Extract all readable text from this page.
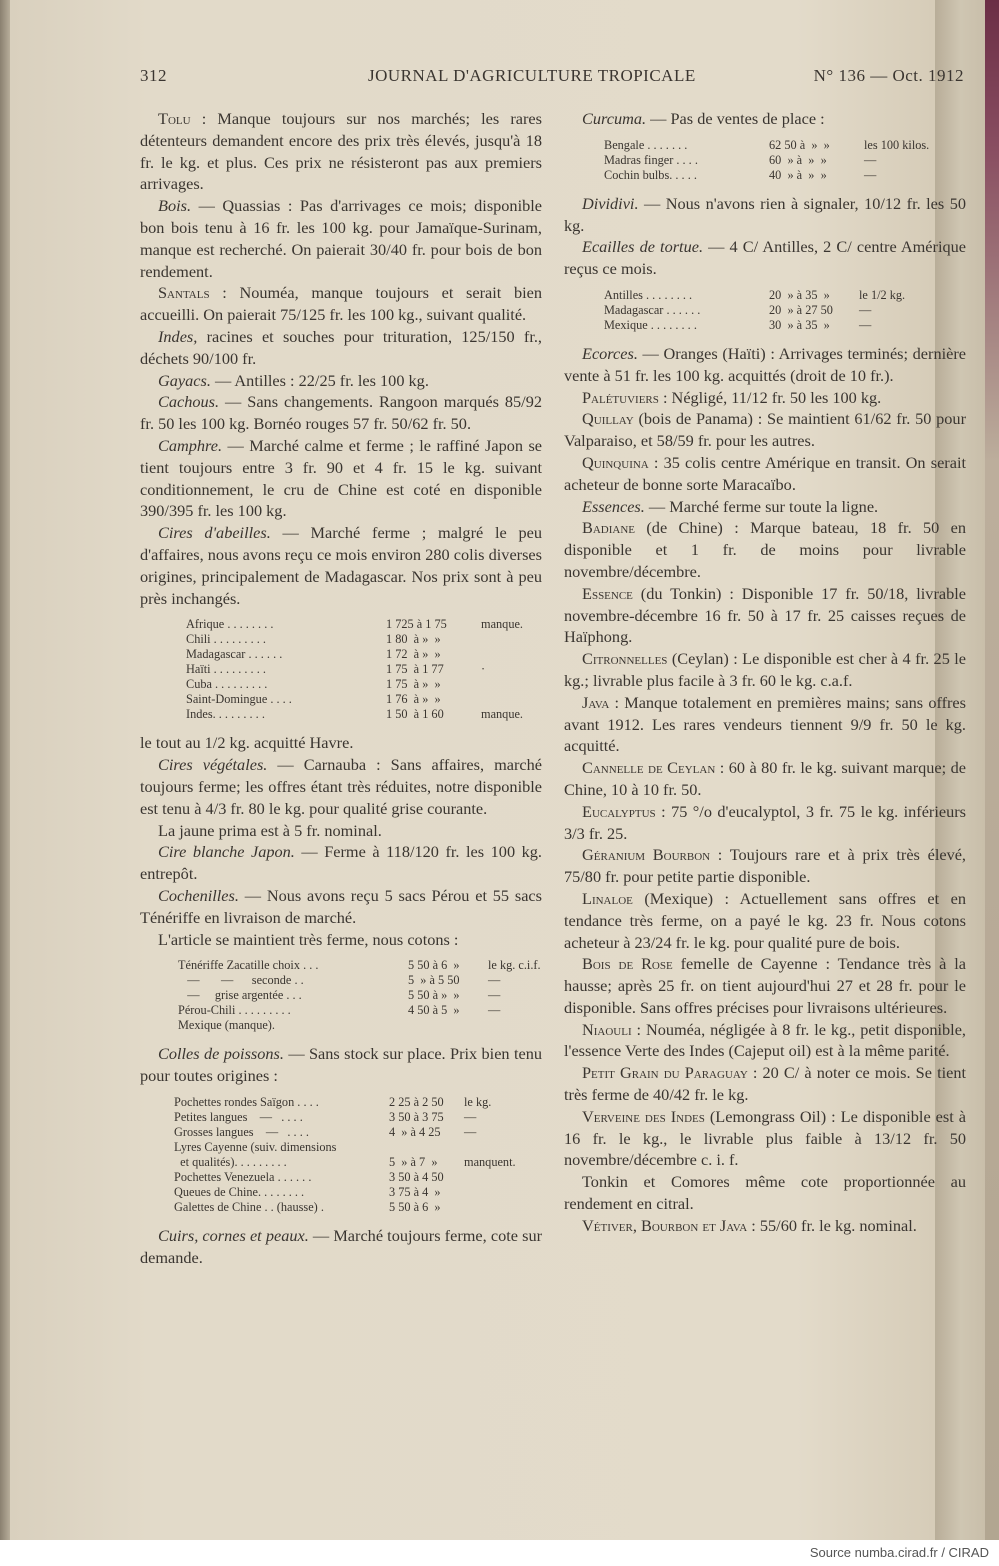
312	JOURNAL D'AGRICULTURE TROPICALE	N° 136 — Oct. 1912

Tolu : Manque toujours sur nos marchés; les rares détenteurs demandent encore des prix très élevés, jusqu'à 18 fr. le kg. et plus. Ces prix ne résisteront pas aux premiers arrivages.

Bois. — Quassias : Pas d'arrivages ce mois; disponible bon bois tenu à 16 fr. les 100 kg. pour Jamaïque-Surinam, manque est recherché. On paierait 30/40 fr. pour bois de bon rendement.

Santals : Nouméa, manque toujours et serait bien accueilli. On paierait 75/125 fr. les 100 kg., suivant qualité.

Indes, racines et souches pour trituration, 125/150 fr., déchets 90/100 fr.

Gayacs. — Antilles : 22/25 fr. les 100 kg.

Cachous. — Sans changements. Rangoon marqués 85/92 fr. 50 les 100 kg. Bornéo rouges 57 fr. 50/62 fr. 50.

Camphre. — Marché calme et ferme ; le raffiné Japon se tient toujours entre 3 fr. 90 et 4 fr. 15 le kg. suivant conditionnement, le cru de Chine est coté en disponible 390/395 fr. les 100 kg.

Cires d'abeilles. — Marché ferme ; malgré le peu d'affaires, nous avons reçu ce mois environ 280 colis diverses origines, principalement de Madagascar. Nos prix sont à peu près inchangés.

Afrique . . . . . . . .	1 725 à 1 75	manque.
Chili . . . . . . . . .	1 80  à »  »
Madagascar . . . . . .	1 72  à »  »
Haïti . . . . . . . . .	1 75  à 1 77	·
Cuba . . . . . . . . .	1 75  à »  »
Saint-Domingue . . . .	1 76  à »  »
Indes. . . . . . . . .	1 50  à 1 60	manque.

le tout au 1/2 kg. acquitté Havre.

Cires végétales. — Carnauba : Sans affaires, marché toujours ferme; les offres étant très réduites, notre disponible est tenu à 4/3 fr. 80 le kg. pour qualité grise courante.

La jaune prima est à 5 fr. nominal.

Cire blanche Japon. — Ferme à 118/120 fr. les 100 kg. entrepôt.

Cochenilles. — Nous avons reçu 5 sacs Pérou et 55 sacs Ténériffe en livraison de marché.

L'article se maintient très ferme, nous cotons :

Ténériffe Zacatille choix . . .	5 50 à 6  »	le kg. c.i.f.
—       —      seconde . .	5  » à 5 50	—
—     grise argentée . . .	5 50 à »  »	—
Pérou-Chili . . . . . . . . .	4 50 à 5  »	—
Mexique (manque).

Colles de poissons. — Sans stock sur place. Prix bien tenu pour toutes origines :

Pochettes rondes Saïgon . . . .	2 25 à 2 50	le kg.
Petites langues    —   . . . .	3 50 à 3 75	—
Grosses langues    —   . . . .	4  » à 4 25	—
Lyres Cayenne (suiv. dimensions
et qualités). . . . . . . . .	5  » à 7  »	manquent.
Pochettes Venezuela . . . . . .	3 50 à 4 50
Queues de Chine. . . . . . . .	3 75 à 4  »
Galettes de Chine . . (hausse) .	5 50 à 6  »

Cuirs, cornes et peaux. — Marché toujours ferme, cote sur demande.

Curcuma. — Pas de ventes de place :

Bengale . . . . . . .	62 50 à  »  »	les 100 kilos.
Madras finger . . . .	60  » à  »  »	—
Cochin bulbs. . . . .	40  » à  »  »	—

Dividivi. — Nous n'avons rien à signaler, 10/12 fr. les 50 kg.

Ecailles de tortue. — 4 C/ Antilles, 2 C/ centre Amérique reçus ce mois.

Antilles . . . . . . . .	20  » à 35  »	le 1/2 kg.
Madagascar . . . . . .	20  » à 27 50	—
Mexique . . . . . . . .	30  » à 35  »	—

Ecorces. — Oranges (Haïti) : Arrivages terminés; dernière vente à 51 fr. les 100 kg. acquittés (droit de 10 fr.).

Palétuviers : Négligé, 11/12 fr. 50 les 100 kg.

Quillay (bois de Panama) : Se maintient 61/62 fr. 50 pour Valparaiso, et 58/59 fr. pour les autres.

Quinquina : 35 colis centre Amérique en transit. On serait acheteur de bonne sorte Maracaïbo.

Essences. — Marché ferme sur toute la ligne.

Badiane (de Chine) : Marque bateau, 18 fr. 50 en disponible et 1 fr. de moins pour livrable novembre/décembre.

Essence (du Tonkin) : Disponible 17 fr. 50/18, livrable novembre-décembre 16 fr. 50 à 17 fr. 25 caisses reçues de Haïphong.

Citronnelles (Ceylan) : Le disponible est cher à 4 fr. 25 le kg.; livrable plus facile à 3 fr. 60 le kg. c.a.f.

Java : Manque totalement en premières mains; sans offres avant 1912. Les rares vendeurs tiennent 9/9 fr. 50 le kg. acquitté.

Cannelle de Ceylan : 60 à 80 fr. le kg. suivant marque; de Chine, 10 à 10 fr. 50.

Eucalyptus : 75 °/o d'eucalyptol, 3 fr. 75 le kg. inférieurs 3/3 fr. 25.

Géranium Bourbon : Toujours rare et à prix très élevé, 75/80 fr. pour petite partie disponible.

Linaloe (Mexique) : Actuellement sans offres et en tendance très ferme, on a payé le kg. 23 fr. Nous cotons acheteur à 23/24 fr. le kg. pour qualité pure de bois.

Bois de Rose femelle de Cayenne : Tendance très à la hausse; après 25 fr. on tient aujourd'hui 27 et 28 fr. pour le disponible. Sans offres précises pour livraisons ultérieures.

Niaouli : Nouméa, négligée à 8 fr. le kg., petit disponible, l'essence Verte des Indes (Cajeput oil) est à la même parité.

Petit Grain du Paraguay : 20 C/ à noter ce mois. Se tient très ferme de 40/42 fr. le kg.

Verveine des Indes (Lemongrass Oil) : Le disponible est à 16 fr. le kg., le livrable plus faible à 13/12 fr. 50 novembre/décembre c. i. f.

Tonkin et Comores même cote proportionnée au rendement en citral.

Vétiver, Bourbon et Java : 55/60 fr. le kg. nominal.

Source numba.cirad.fr / CIRAD
